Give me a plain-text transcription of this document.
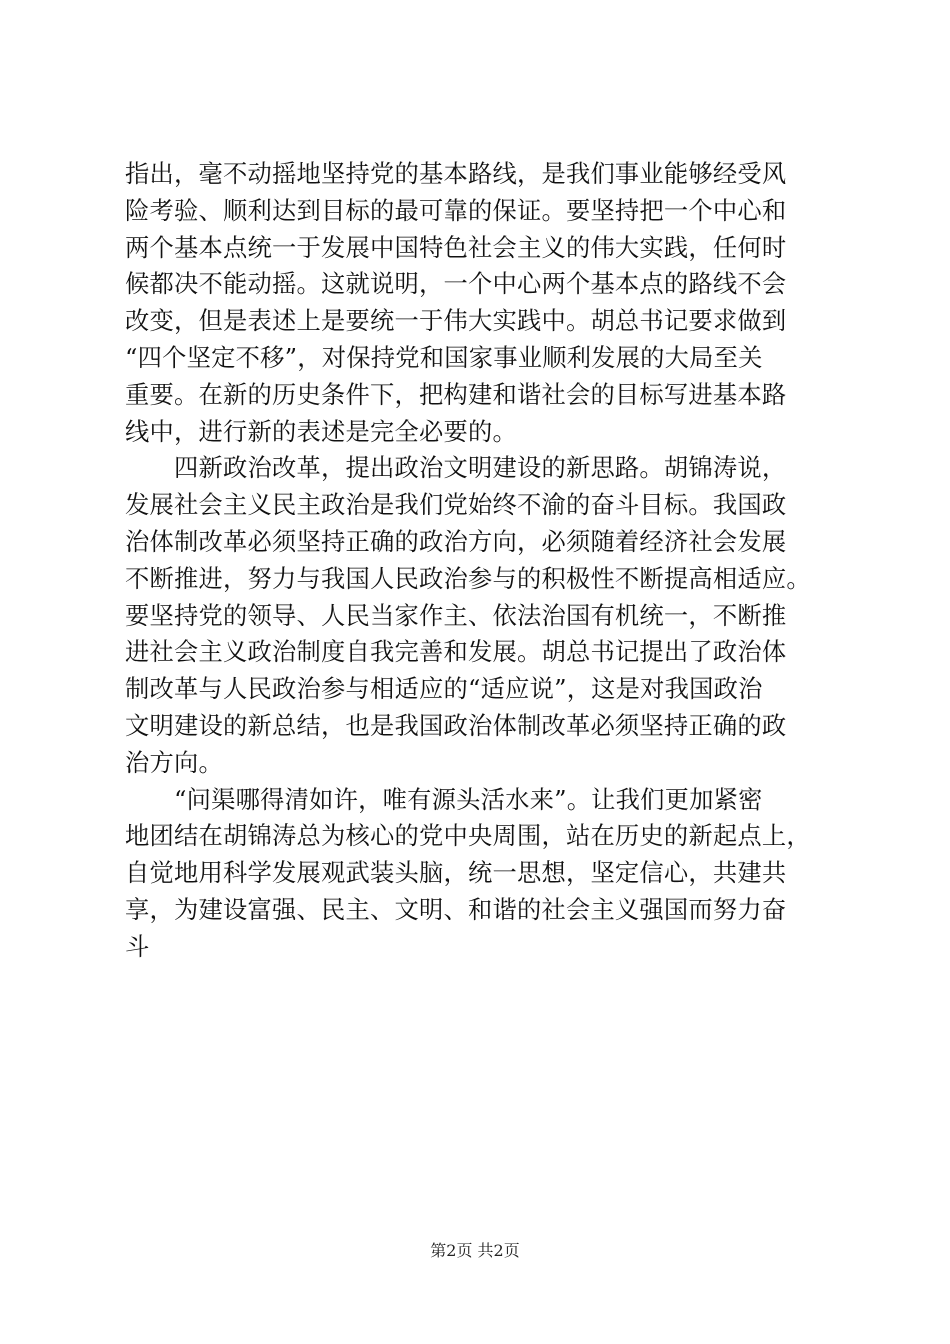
指出，毫不动摇地坚持党的基本路线，是我们事业能够经受风
险考验、顺利达到目标的最可靠的保证。要坚持把一个中心和
两个基本点统一于发展中国特色社会主义的伟大实践，任何时
候都决不能动摇。这就说明，一个中心两个基本点的路线不会
改变，但是表述上是要统一于伟大实践中。胡总书记要求做到
“四个坚定不移”，对保持党和国家事业顺利发展的大局至关
重要。在新的历史条件下，把构建和谐社会的目标写进基本路
线中，进行新的表述是完全必要的。
　　四新政治改革，提出政治文明建设的新思路。胡锦涛说，
发展社会主义民主政治是我们党始终不渝的奋斗目标。我国政
治体制改革必须坚持正确的政治方向，必须随着经济社会发展
不断推进，努力与我国人民政治参与的积极性不断提高相适应。
要坚持党的领导、人民当家作主、依法治国有机统一，不断推
进社会主义政治制度自我完善和发展。胡总书记提出了政治体
制改革与人民政治参与相适应的“适应说”，这是对我国政治
文明建设的新总结，也是我国政治体制改革必须坚持正确的政
治方向。
　　“问渠哪得清如许，唯有源头活水来”。让我们更加紧密
地团结在胡锦涛总为核心的党中央周围，站在历史的新起点上，
自觉地用科学发展观武装头脑，统一思想，坚定信心，共建共
享，为建设富强、民主、文明、和谐的社会主义强国而努力奋
斗
第2页 共2页
